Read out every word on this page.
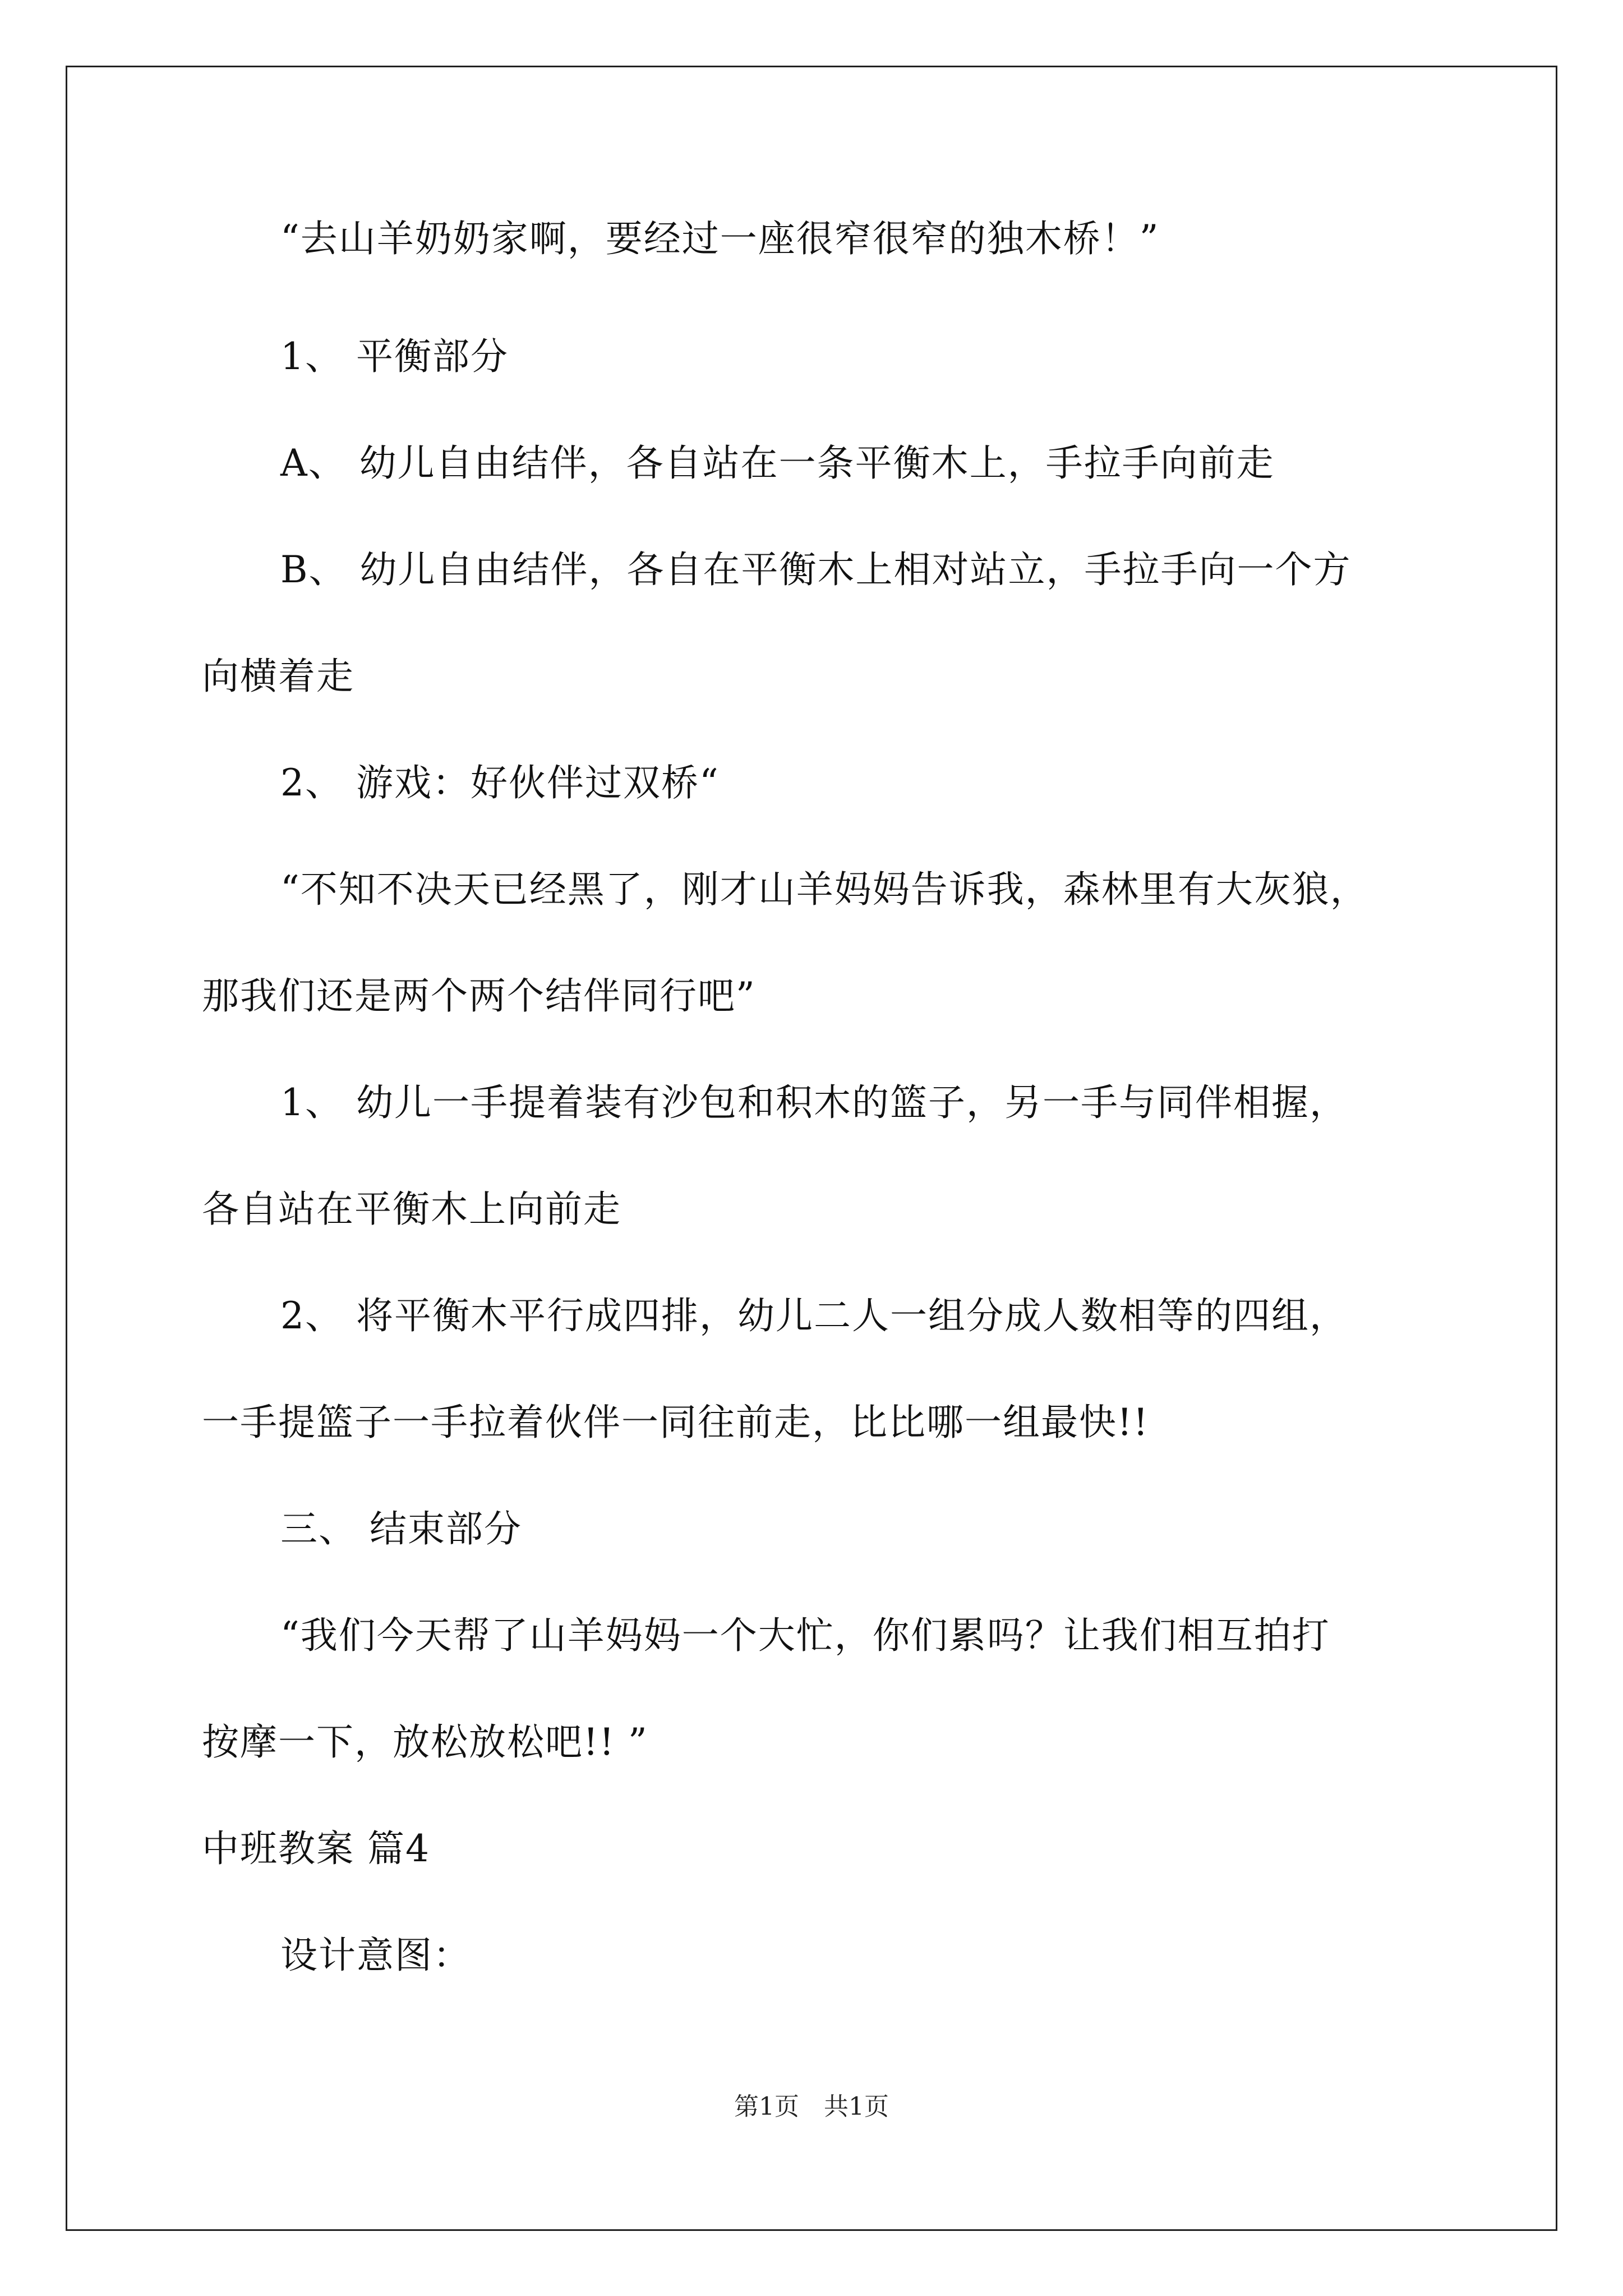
“去山羊奶奶家啊，要经过一座很窄很窄的独木桥！”
1、 平衡部分
A、 幼儿自由结伴，各自站在一条平衡木上，手拉手向前走
B、 幼儿自由结伴，各自在平衡木上相对站立，手拉手向一个方
向横着走
2、 游戏：好伙伴过双桥“
“不知不决天已经黑了，刚才山羊妈妈告诉我，森林里有大灰狼，
那我们还是两个两个结伴同行吧”
1、 幼儿一手提着装有沙包和积木的篮子，另一手与同伴相握，
各自站在平衡木上向前走
2、 将平衡木平行成四排，幼儿二人一组分成人数相等的四组，
一手提篮子一手拉着伙伴一同往前走，比比哪一组最快!!
三、 结束部分
“我们今天帮了山羊妈妈一个大忙，你们累吗？让我们相互拍打
按摩一下，放松放松吧!! ”
中班教案 篇4
设计意图：
第1页　共1页
